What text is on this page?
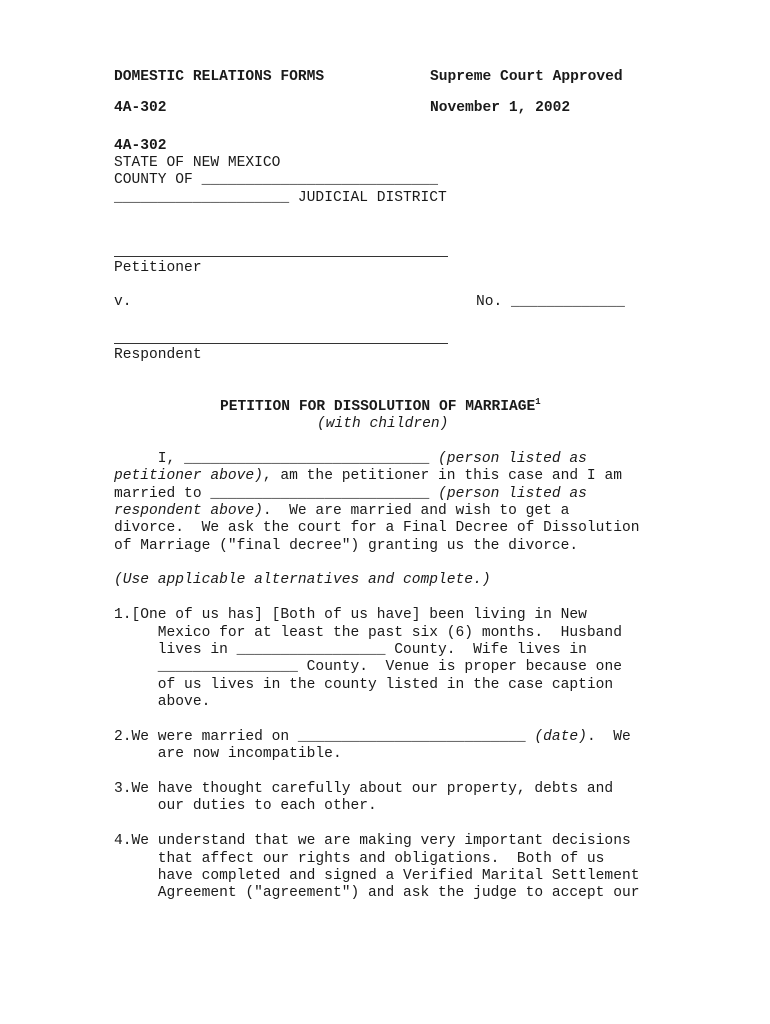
DOMESTIC RELATIONS FORMS	Supreme Court Approved
4A-302	November 1, 2002
4A-302
STATE OF NEW MEXICO
COUNTY OF ___________________________
____________________ JUDICIAL DISTRICT
Petitioner
v.	No. _____________
Respondent
PETITION FOR DISSOLUTION OF MARRIAGE$^1$
(with children)
I, ____________________________ (person listed as
petitioner above), am the petitioner in this case and I am
married to _________________________ (person listed as
respondent above).  We are married and wish to get a
divorce.  We ask the court for a Final Decree of Dissolution
of Marriage ("final decree") granting us the divorce.
(Use applicable alternatives and complete.)
1.[One of us has] [Both of us have] been living in New
Mexico for at least the past six (6) months.  Husband
lives in _________________ County.  Wife lives in
________________ County.  Venue is proper because one
of us lives in the county listed in the case caption
above.
2.We were married on __________________________ (date).  We
are now incompatible.
3.We have thought carefully about our property, debts and
our duties to each other.
4.We understand that we are making very important decisions
that affect our rights and obligations.  Both of us
have completed and signed a Verified Marital Settlement
Agreement ("agreement") and ask the judge to accept our
